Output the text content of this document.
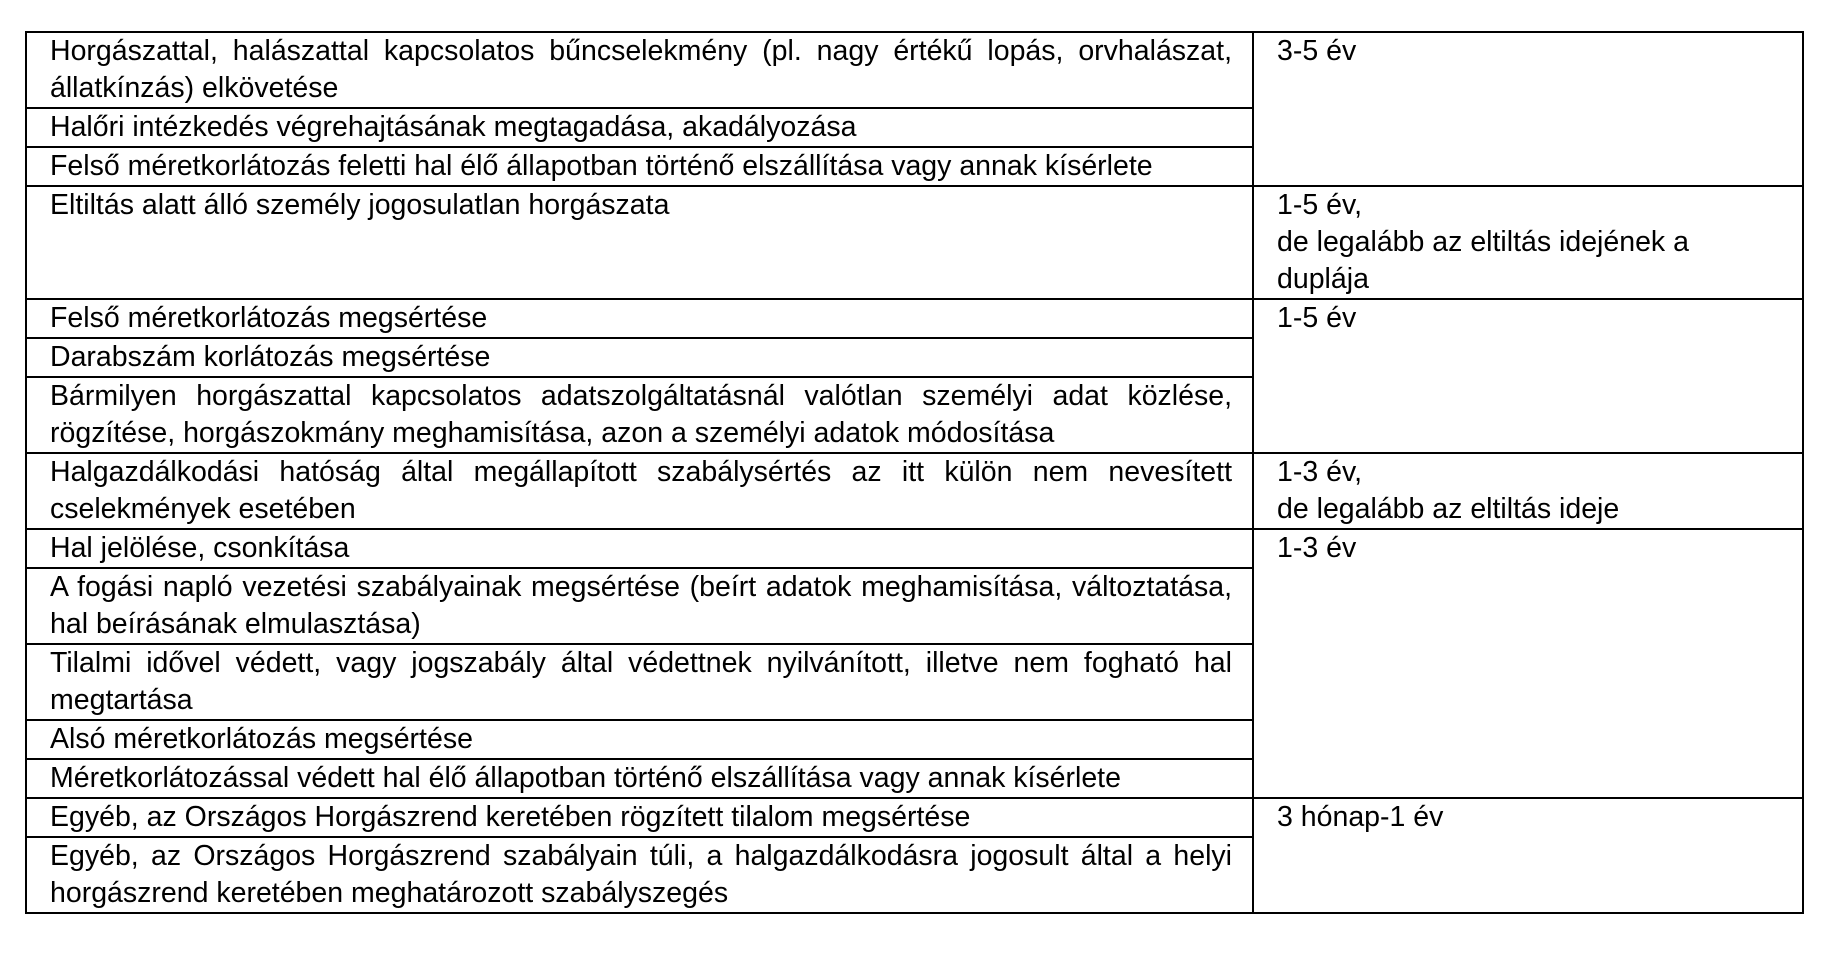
Horgászattal, halászattal kapcsolatos bűncselekmény (pl. nagy értékű lopás, orvhalászat, állatkínzás) elkövetése	3-5 év

Halőri intézkedés végrehajtásának megtagadása, akadályozása	
Felső méretkorlátozás feletti hal élő állapotban történő elszállítása vagy annak kísérlete	
Eltiltás alatt álló személy jogosulatlan horgászata	1-5 év,
de legalább az eltiltás idejének a
duplája

Felső méretkorlátozás megsértése	1-5 év

Darabszám korlátozás megsértése	
Bármilyen horgászattal kapcsolatos adatszolgáltatásnál valótlan személyi adat közlése, rögzítése, horgászokmány meghamisítása, azon a személyi adatok módosítása	
Halgazdálkodási hatóság által megállapított szabálysértés az itt külön nem nevesített cselekmények esetében	1-3 év,
de legalább az eltiltás ideje

Hal jelölése, csonkítása	1-3 év

A fogási napló vezetési szabályainak megsértése (beírt adatok meghamisítása, változtatása, hal beírásának elmulasztása)	
Tilalmi idővel védett, vagy jogszabály által védettnek nyilvánított, illetve nem fogható hal megtartása	
Alsó méretkorlátozás megsértése	
Méretkorlátozással védett hal élő állapotban történő elszállítása vagy annak kísérlete	
Egyéb, az Országos Horgászrend keretében rögzített tilalom megsértése	3 hónap-1 év

Egyéb, az Országos Horgászrend szabályain túli, a halgazdálkodásra jogosult által a helyi horgászrend keretében meghatározott szabályszegés	
